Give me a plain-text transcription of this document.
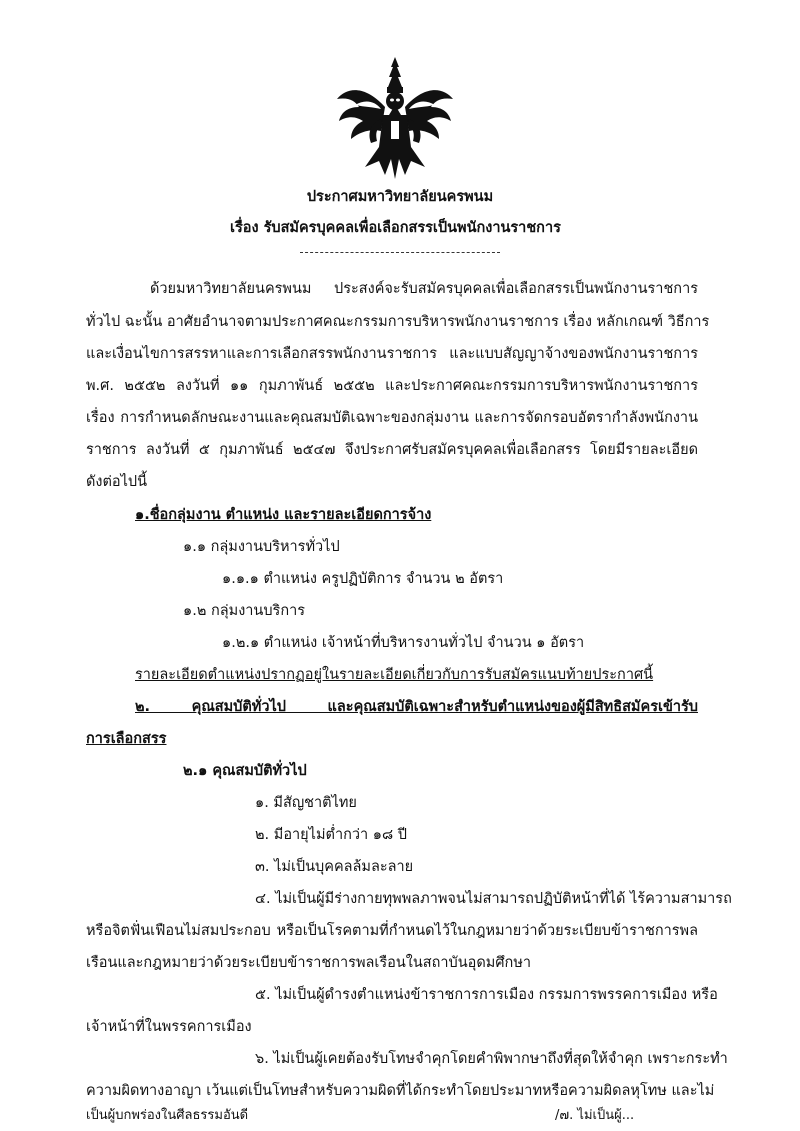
ประกาศมหาวิทยาลัยนครพนม
เรื่อง รับสมัครบุคคลเพื่อเลือกสรรเป็นพนักงานราชการ
ด้วยมหาวิทยาลัยนครพนม ประสงค์จะรับสมัครบุคคลเพื่อเลือกสรรเป็นพนักงานราชการ
ทั่วไป ฉะนั้น อาศัยอำนาจตามประกาศคณะกรรมการบริหารพนักงานราชการ เรื่อง หลักเกณฑ์ วิธีการ
และเงื่อนไขการสรรหาและการเลือกสรรพนักงานราชการ และแบบสัญญาจ้างของพนักงานราชการ
พ.ศ. ๒๕๕๒ ลงวันที่ ๑๑ กุมภาพันธ์ ๒๕๕๒ และประกาศคณะกรรมการบริหารพนักงานราชการ
เรื่อง การกำหนดลักษณะงานและคุณสมบัติเฉพาะของกลุ่มงาน และการจัดกรอบอัตรากำลังพนักงาน
ราชการ ลงวันที่ ๕ กุมภาพันธ์ ๒๕๔๗ จึงประกาศรับสมัครบุคคลเพื่อเลือกสรร โดยมีรายละเอียด
ดังต่อไปนี้
๑.ชื่อกลุ่มงาน ตำแหน่ง และรายละเอียดการจ้าง
๑.๑ กลุ่มงานบริหารทั่วไป
๑.๑.๑ ตำแหน่ง ครูปฏิบัติการ จำนวน ๒ อัตรา
๑.๒ กลุ่มงานบริการ
๑.๒.๑ ตำแหน่ง เจ้าหน้าที่บริหารงานทั่วไป จำนวน ๑ อัตรา
รายละเอียดตำแหน่งปรากฏอยู่ในรายละเอียดเกี่ยวกับการรับสมัครแนบท้ายประกาศนี้
๒. คุณสมบัติทั่วไป และคุณสมบัติเฉพาะสำหรับตำแหน่งของผู้มีสิทธิสมัครเข้ารับ
การเลือกสรร
๒.๑ คุณสมบัติทั่วไป
๑. มีสัญชาติไทย
๒. มีอายุไม่ต่ำกว่า ๑๘ ปี
๓. ไม่เป็นบุคคลล้มละลาย
๔. ไม่เป็นผู้มีร่างกายทุพพลภาพจนไม่สามารถปฏิบัติหน้าที่ได้ ไร้ความสามารถ
หรือจิตฟั่นเฟือนไม่สมประกอบ หรือเป็นโรคตามที่กำหนดไว้ในกฎหมายว่าด้วยระเบียบข้าราชการพล
เรือนและกฎหมายว่าด้วยระเบียบข้าราชการพลเรือนในสถาบันอุดมศึกษา
๕. ไม่เป็นผู้ดำรงตำแหน่งข้าราชการการเมือง กรรมการพรรคการเมือง หรือ
เจ้าหน้าที่ในพรรคการเมือง
๖. ไม่เป็นผู้เคยต้องรับโทษจำคุกโดยคำพิพากษาถึงที่สุดให้จำคุก เพราะกระทำ
ความผิดทางอาญา เว้นแต่เป็นโทษสำหรับความผิดที่ได้กระทำโดยประมาทหรือความผิดลหุโทษ และไม่
เป็นผู้บกพร่องในศีลธรรมอันดี	/๗. ไม่เป็นผู้...
